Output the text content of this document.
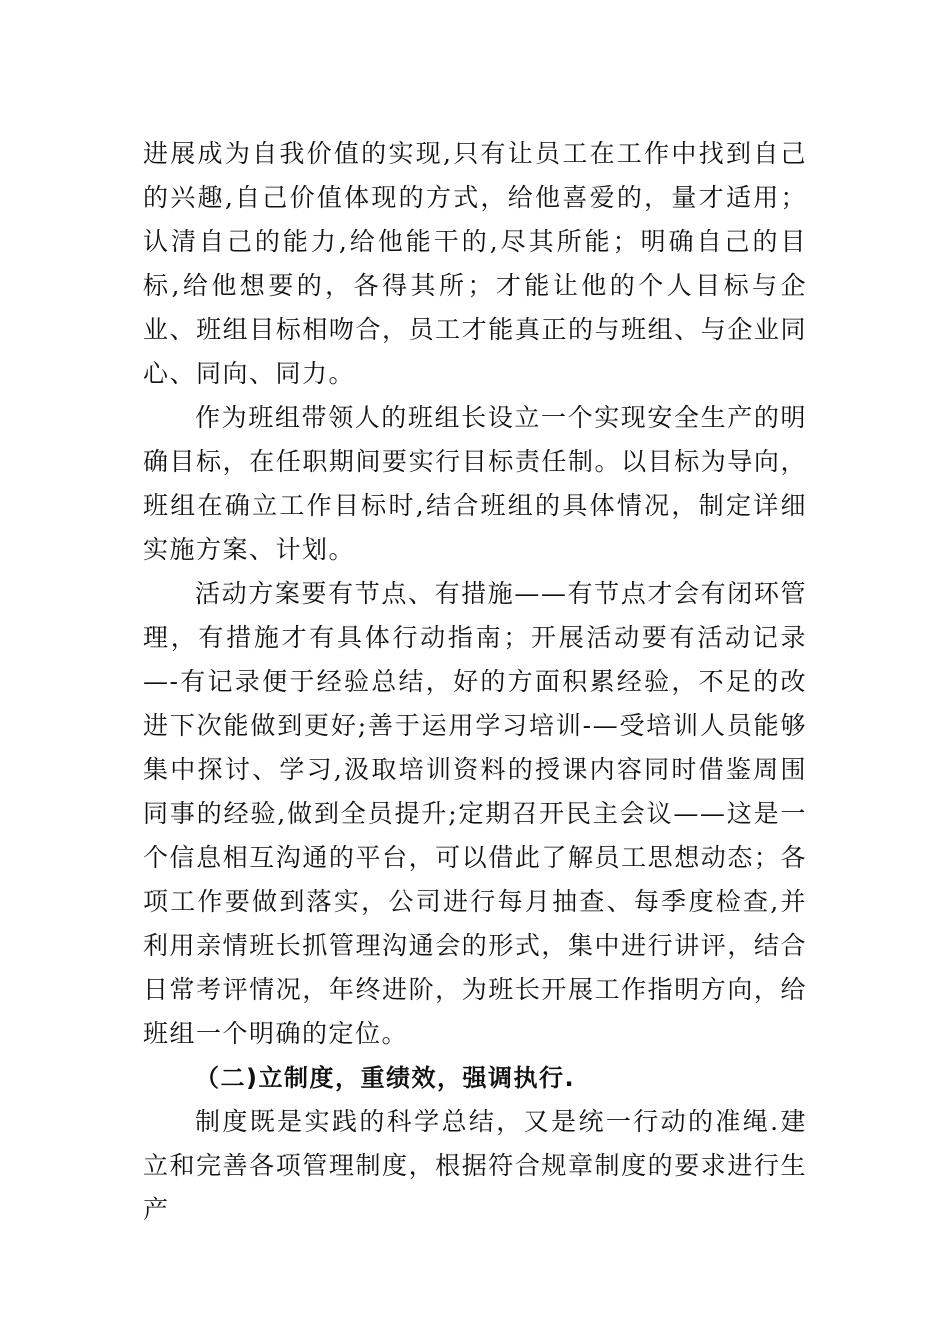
进展成为自我价值的实现,只有让员工在工作中找到自己的兴趣,自己价值体现的方式，给他喜爱的，量才适用；认清自己的能力,给他能干的,尽其所能；明确自己的目标,给他想要的，各得其所；才能让他的个人目标与企业、班组目标相吻合，员工才能真正的与班组、与企业同心、同向、同力。

作为班组带领人的班组长设立一个实现安全生产的明确目标，在任职期间要实行目标责任制。以目标为导向，班组在确立工作目标时,结合班组的具体情况，制定详细实施方案、计划。

活动方案要有节点、有措施——有节点才会有闭环管理，有措施才有具体行动指南；开展活动要有活动记录—-有记录便于经验总结，好的方面积累经验，不足的改进下次能做到更好;善于运用学习培训-—受培训人员能够集中探讨、学习,汲取培训资料的授课内容同时借鉴周围同事的经验,做到全员提升;定期召开民主会议——这是一个信息相互沟通的平台，可以借此了解员工思想动态；各项工作要做到落实，公司进行每月抽查、每季度检查,并利用亲情班长抓管理沟通会的形式，集中进行讲评，结合日常考评情况，年终进阶，为班长开展工作指明方向，给班组一个明确的定位。

（二)立制度，重绩效，强调执行.

制度既是实践的科学总结，又是统一行动的准绳.建立和完善各项管理制度，根据符合规章制度的要求进行生产
